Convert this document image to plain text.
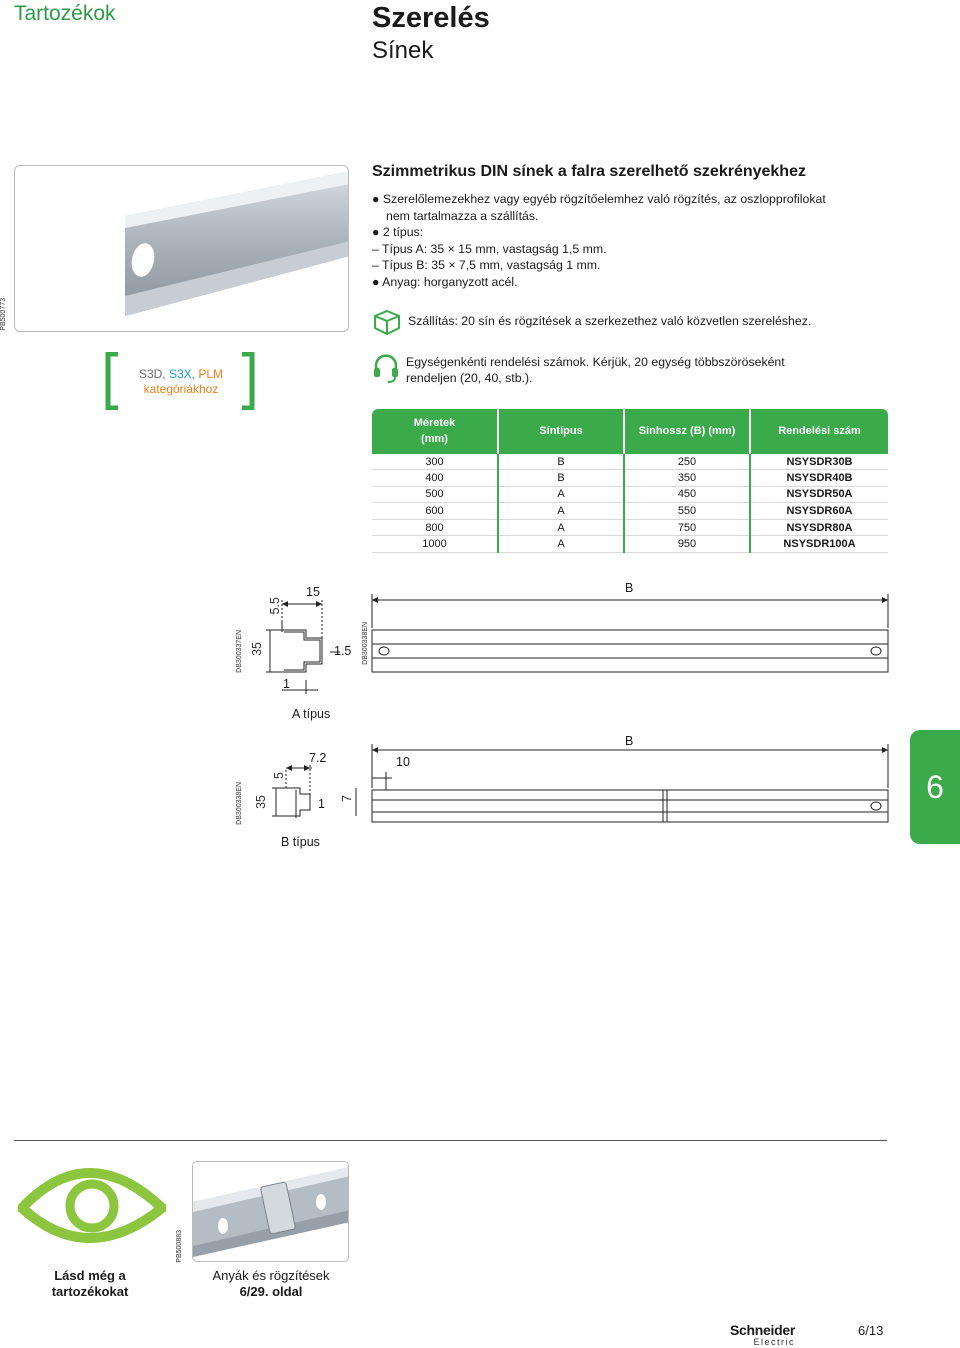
Tartozékok	Szerelés
Sínek
PB500773
Szimmetrikus DIN sínek a falra szerelhető szekrényekhez
● Szerelőlemezekhez vagy egyéb rögzítőelemhez való rögzítés, az oszlopprofilokat
nem tartalmazza a szállítás.
● 2 típus:
– Típus A: 35 × 15 mm, vastagság 1,5 mm.
– Típus B: 35 × 7,5 mm, vastagság 1 mm.
● Anyag: horganyzott acél.
Szállítás: 20 sín és rögzítések a szerkezethez való közvetlen szereléshez.
Egységenkénti rendelési számok. Kérjük, 20 egység többszöröseként
rendeljen (20, 40, stb.).
S3D, S3X, PLM
kategóriákhoz
Méretek
(mm)	Síntípus	Sínhossz (B) (mm)	Rendelési szám
300	B	250	NSYSDR30B
400	B	350	NSYSDR40B
500	A	450	NSYSDR50A
600	A	550	NSYSDR60A
800	A	750	NSYSDR80A
1000	A	950	NSYSDR100A
DB300337EN	DB300338EN
15
5.5
35	1.5
1
B
A típus
DB300338EN
7.2
5
35	1 7
10
B
B típus
6
Lásd még a
tartozékokat
PB500883
Anyák és rögzítések
6/29. oldal
Schneider
Electric
6/13
